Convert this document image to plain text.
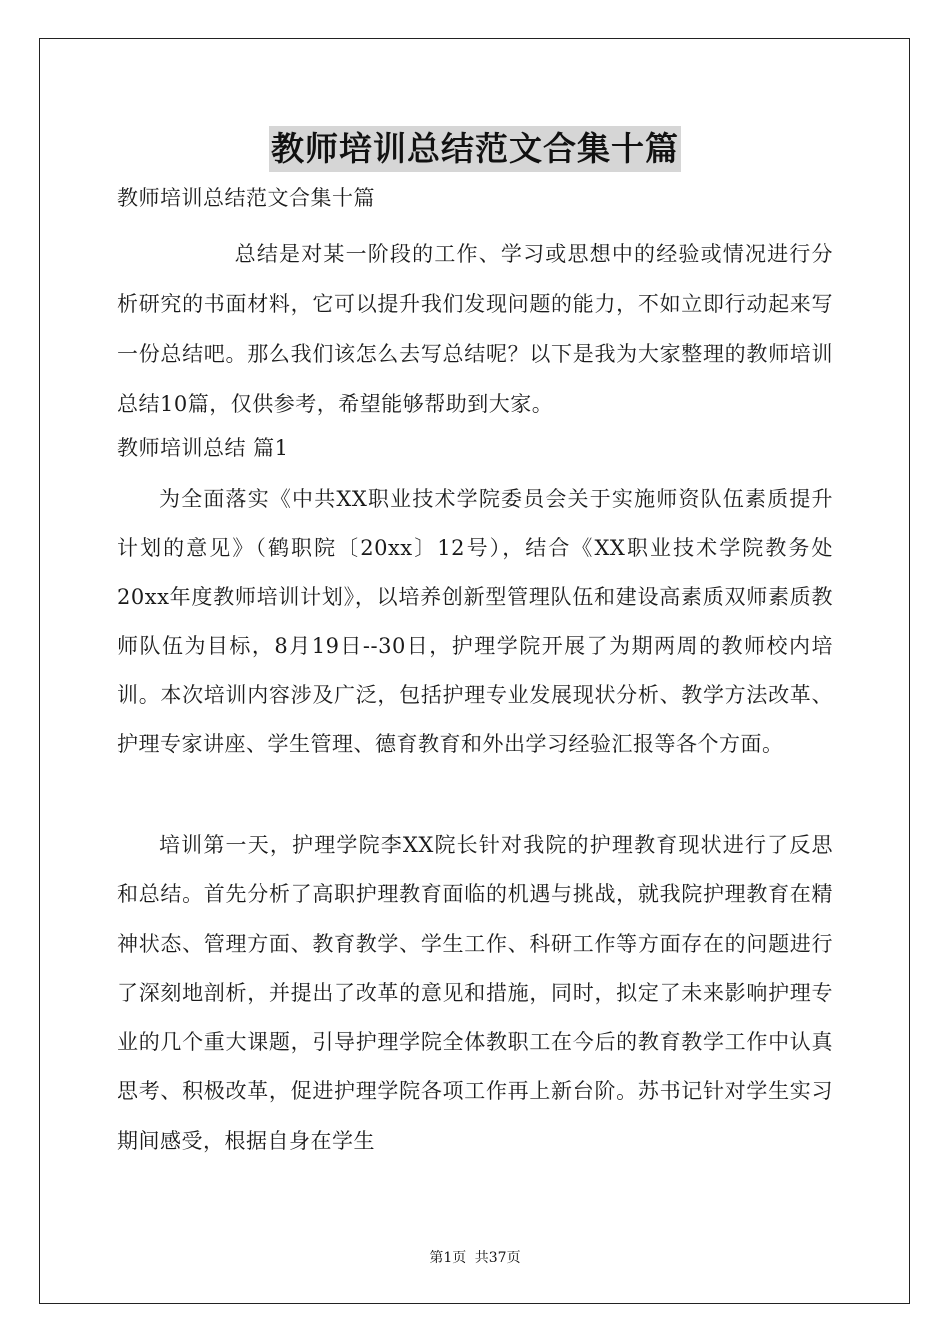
教师培训总结范文合集十篇
教师培训总结范文合集十篇
总结是对某一阶段的工作、学习或思想中的经验或情况进行分析研究的书面材料，它可以提升我们发现问题的能力，不如立即行动起来写一份总结吧。那么我们该怎么去写总结呢？以下是我为大家整理的教师培训总结10篇，仅供参考，希望能够帮助到大家。
教师培训总结 篇1
为全面落实《中共XX职业技术学院委员会关于实施师资队伍素质提升计划的意见》（鹤职院〔20xx〕12号），结合《XX职业技术学院教务处20xx年度教师培训计划》，以培养创新型管理队伍和建设高素质双师素质教师队伍为目标，8月19日--30日，护理学院开展了为期两周的教师校内培训。本次培训内容涉及广泛，包括护理专业发展现状分析、教学方法改革、护理专家讲座、学生管理、德育教育和外出学习经验汇报等各个方面。
培训第一天，护理学院李XX院长针对我院的护理教育现状进行了反思和总结。首先分析了高职护理教育面临的机遇与挑战，就我院护理教育在精神状态、管理方面、教育教学、学生工作、科研工作等方面存在的问题进行了深刻地剖析，并提出了改革的意见和措施，同时，拟定了未来影响护理专业的几个重大课题，引导护理学院全体教职工在今后的教育教学工作中认真思考、积极改革，促进护理学院各项工作再上新台阶。苏书记针对学生实习期间感受，根据自身在学生
第1页 共37页
